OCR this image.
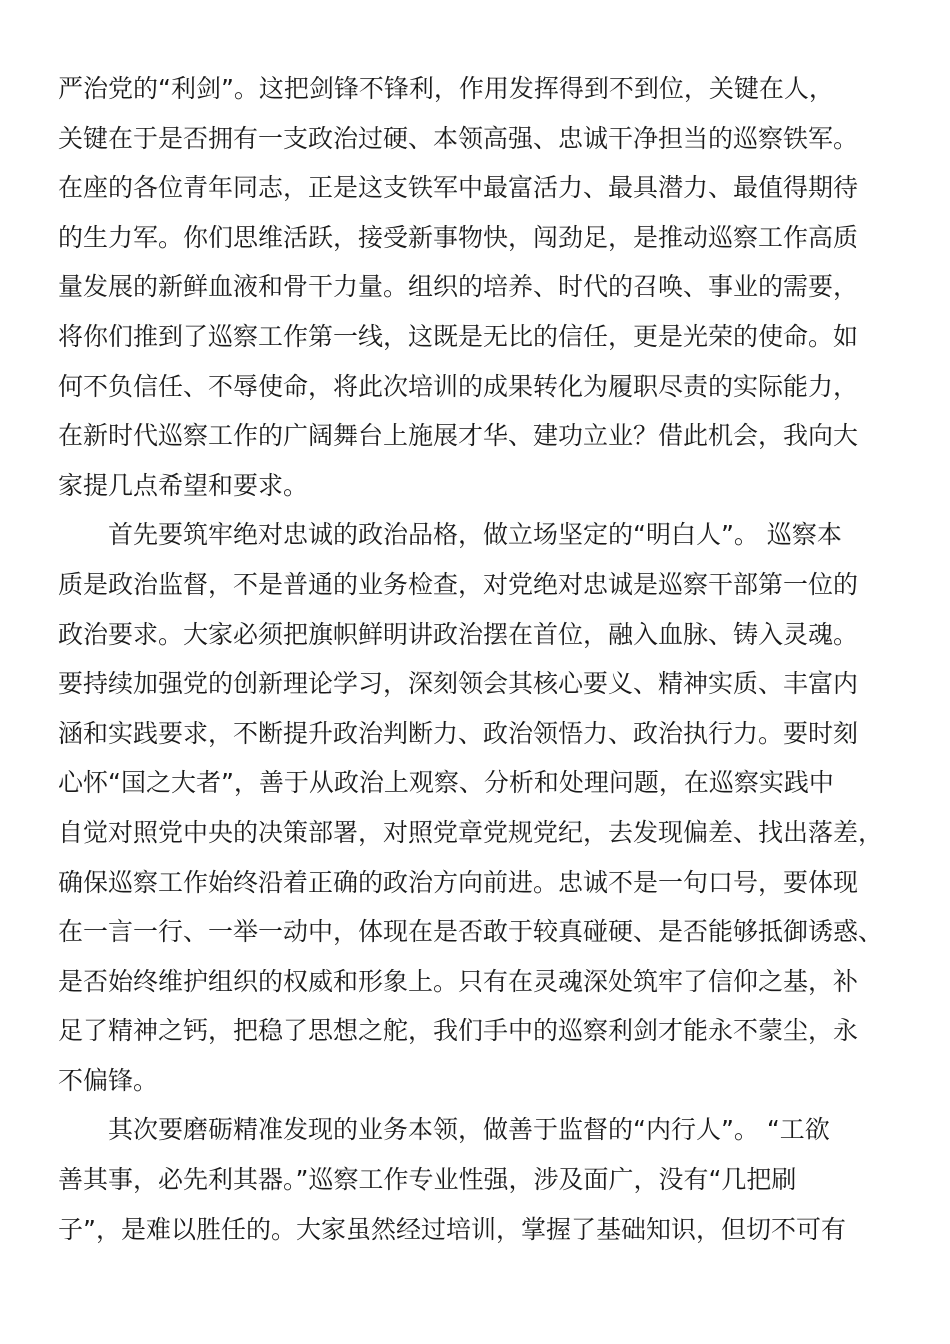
严治党的“利剑”。这把剑锋不锋利，作用发挥得到不到位，关键在人，
关键在于是否拥有一支政治过硬、本领高强、忠诚干净担当的巡察铁军。
在座的各位青年同志，正是这支铁军中最富活力、最具潜力、最值得期待
的生力军。你们思维活跃，接受新事物快，闯劲足，是推动巡察工作高质
量发展的新鲜血液和骨干力量。组织的培养、时代的召唤、事业的需要，
将你们推到了巡察工作第一线，这既是无比的信任，更是光荣的使命。如
何不负信任、不辱使命，将此次培训的成果转化为履职尽责的实际能力，
在新时代巡察工作的广阔舞台上施展才华、建功立业？借此机会，我向大
家提几点希望和要求。
首先要筑牢绝对忠诚的政治品格，做立场坚定的“明白人”。 巡察本
质是政治监督，不是普通的业务检查，对党绝对忠诚是巡察干部第一位的
政治要求。大家必须把旗帜鲜明讲政治摆在首位，融入血脉、铸入灵魂。
要持续加强党的创新理论学习，深刻领会其核心要义、精神实质、丰富内
涵和实践要求，不断提升政治判断力、政治领悟力、政治执行力。要时刻
心怀“国之大者”，善于从政治上观察、分析和处理问题，在巡察实践中
自觉对照党中央的决策部署，对照党章党规党纪，去发现偏差、找出落差，
确保巡察工作始终沿着正确的政治方向前进。忠诚不是一句口号，要体现
在一言一行、一举一动中，体现在是否敢于较真碰硬、是否能够抵御诱惑、
是否始终维护组织的权威和形象上。只有在灵魂深处筑牢了信仰之基，补
足了精神之钙，把稳了思想之舵，我们手中的巡察利剑才能永不蒙尘，永
不偏锋。
其次要磨砺精准发现的业务本领，做善于监督的“内行人”。 “工欲
善其事，必先利其器。”巡察工作专业性强，涉及面广，没有“几把刷
子”，是难以胜任的。大家虽然经过培训，掌握了基础知识，但切不可有
